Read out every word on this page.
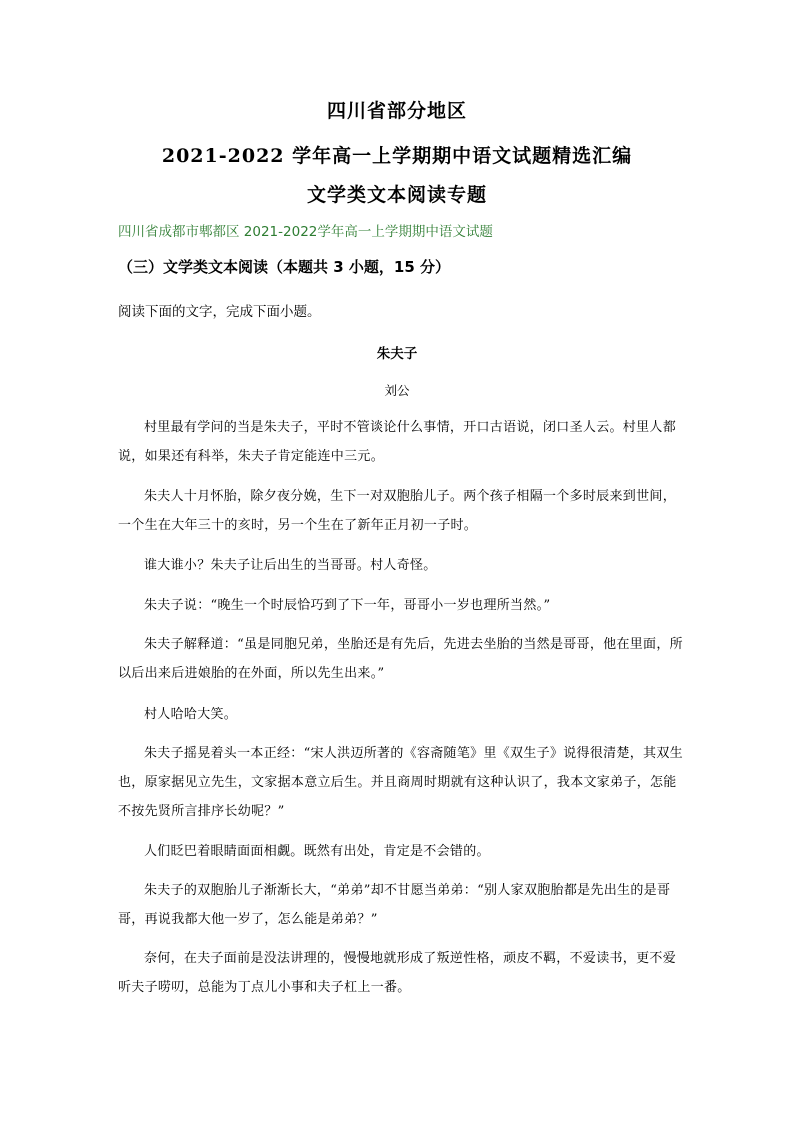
四川省部分地区
2021-2022 学年高一上学期期中语文试题精选汇编
文学类文本阅读专题
四川省成都市郫都区 2021-2022学年高一上学期期中语文试题
（三）文学类文本阅读（本题共 3 小题，15 分）
阅读下面的文字，完成下面小题。
朱夫子
刘公
村里最有学问的当是朱夫子，平时不管谈论什么事情，开口古语说，闭口圣人云。村里人都说，如果还有科举，朱夫子肯定能连中三元。
朱夫人十月怀胎，除夕夜分娩，生下一对双胞胎儿子。两个孩子相隔一个多时辰来到世间，一个生在大年三十的亥时，另一个生在了新年正月初一子时。
谁大谁小？朱夫子让后出生的当哥哥。村人奇怪。
朱夫子说：“晚生一个时辰恰巧到了下一年，哥哥小一岁也理所当然。”
朱夫子解释道：“虽是同胞兄弟，坐胎还是有先后，先进去坐胎的当然是哥哥，他在里面，所以后出来后进娘胎的在外面，所以先生出来。”
村人哈哈大笑。
朱夫子摇晃着头一本正经：“宋人洪迈所著的《容斋随笔》里《双生子》说得很清楚，其双生也，原家据见立先生，文家据本意立后生。并且商周时期就有这种认识了，我本文家弟子，怎能不按先贤所言排序长幼呢？”
人们眨巴着眼睛面面相觑。既然有出处，肯定是不会错的。
朱夫子的双胞胎儿子渐渐长大，“弟弟”却不甘愿当弟弟：“别人家双胞胎都是先出生的是哥哥，再说我都大他一岁了，怎么能是弟弟？”
奈何，在夫子面前是没法讲理的，慢慢地就形成了叛逆性格，顽皮不羁，不爱读书，更不爱听夫子唠叨，总能为丁点儿小事和夫子杠上一番。
